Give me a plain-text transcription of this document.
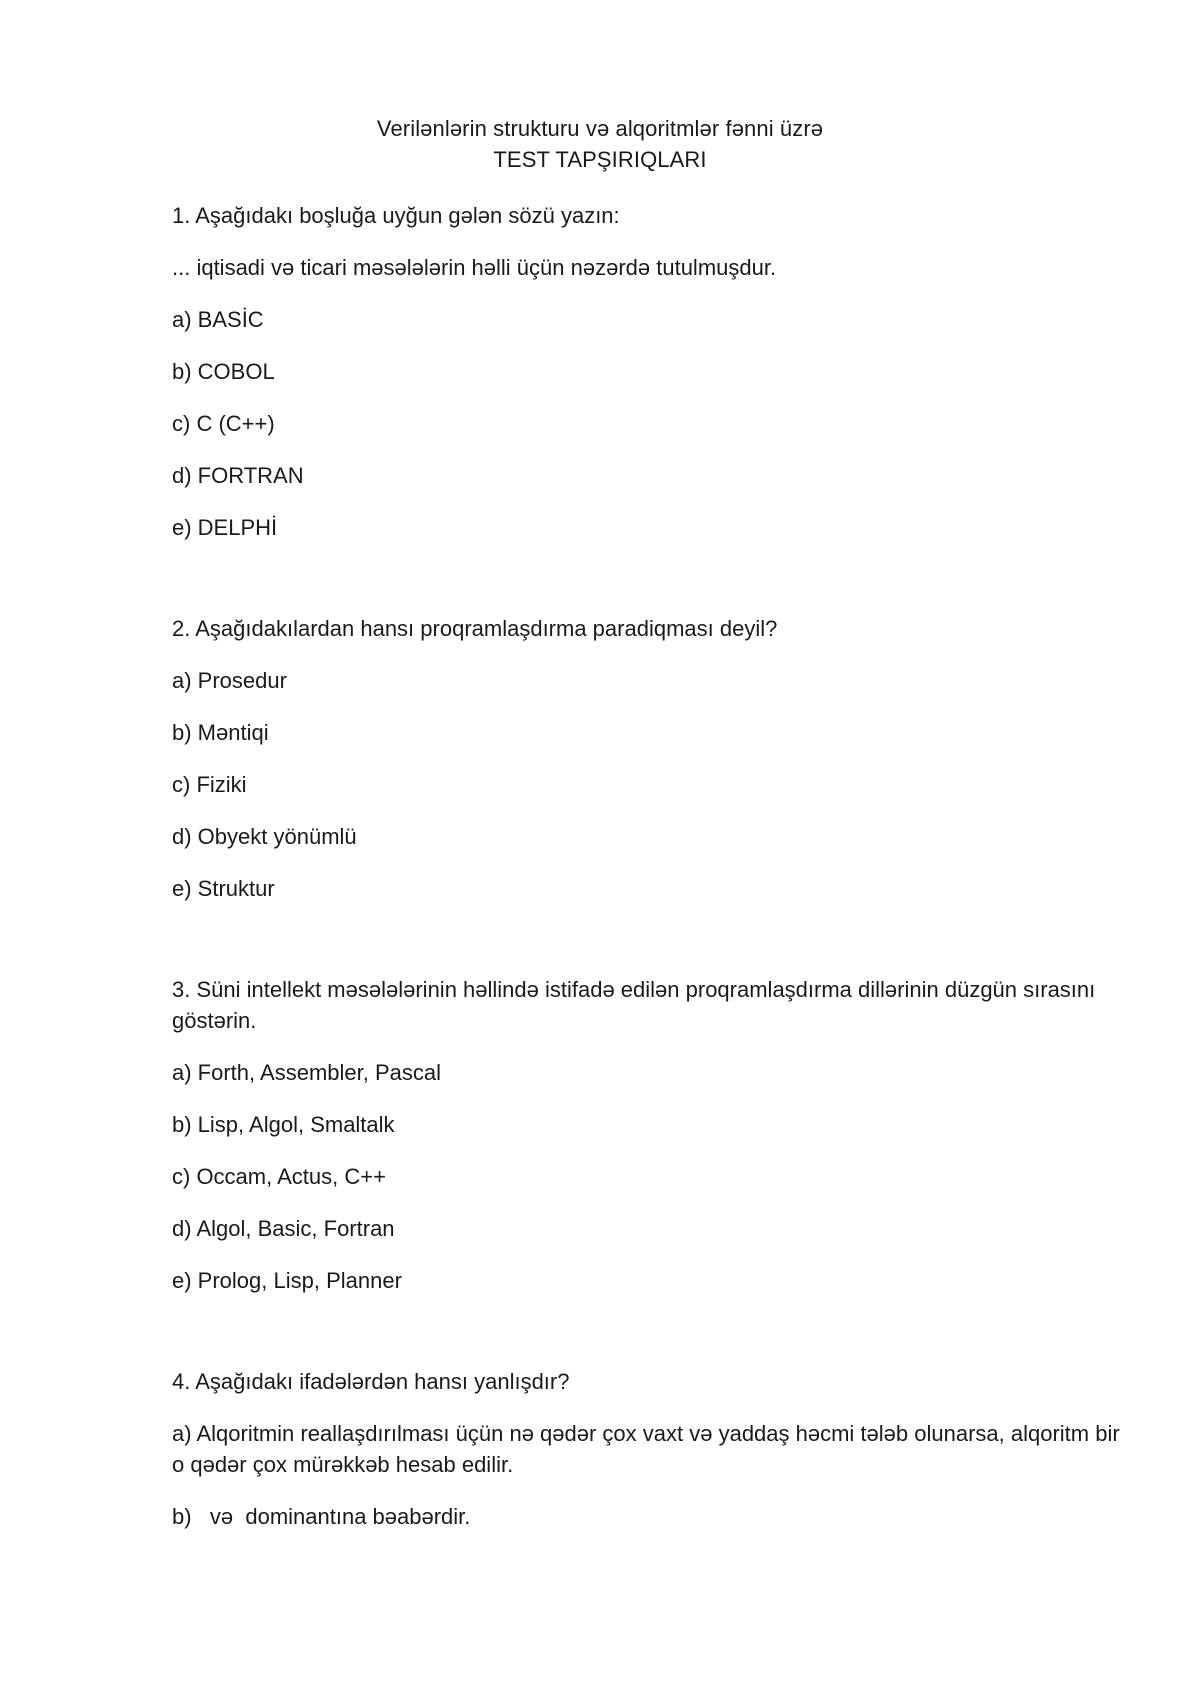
Verilənlərin strukturu və alqoritmlər fənni üzrə
TEST TAPŞIRIQLARI
1. Aşağıdakı boşluğa uyğun gələn sözü yazın:
... iqtisadi və ticari məsələlərin həlli üçün nəzərdə tutulmuşdur.
a) BASİC
b) COBOL
c) C (C++)
d) FORTRAN
e) DELPHİ
2. Aşağıdakılardan hansı proqramlaşdırma paradiqması deyil?
a) Prosedur
b) Məntiqi
c) Fiziki
d) Obyekt yönümlü
e) Struktur
3. Süni intellekt məsələlərinin həllində istifadə edilən proqramlaşdırma dillərinin düzgün sırasını göstərin.
a) Forth, Assembler, Pascal
b) Lisp, Algol, Smaltalk
c) Occam, Actus, C++
d) Algol, Basic, Fortran
e) Prolog, Lisp, Planner
4. Aşağıdakı ifadələrdən hansı yanlışdır?
a) Alqoritmin reallaşdırılması üçün nə qədər çox vaxt və yaddaş həcmi tələb olunarsa, alqoritm bir o qədər çox mürəkkəb hesab edilir.
b)   və  dominantına bəabərdir.
